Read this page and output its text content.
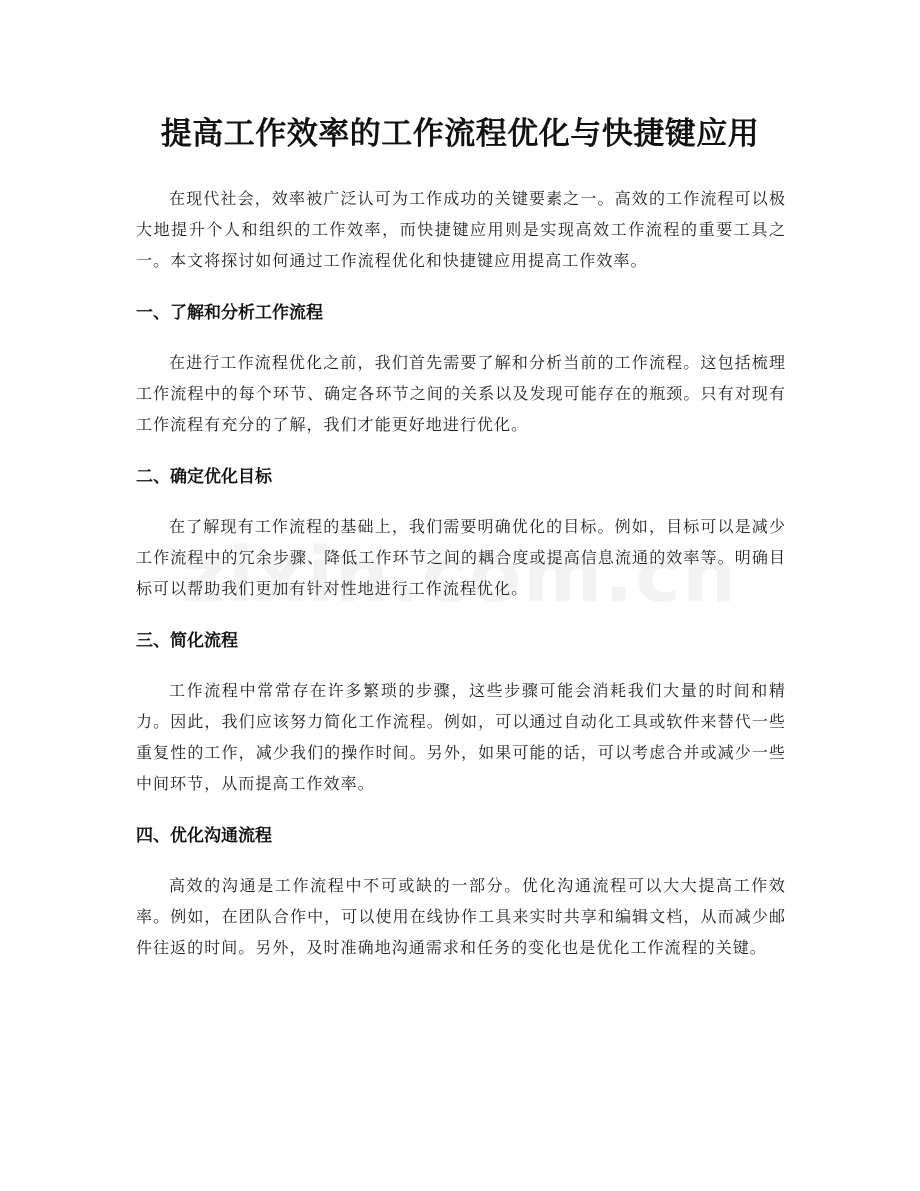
提高工作效率的工作流程优化与快捷键应用

在现代社会，效率被广泛认可为工作成功的关键要素之一。高效的工作流程可以极大地提升个人和组织的工作效率，而快捷键应用则是实现高效工作流程的重要工具之一。本文将探讨如何通过工作流程优化和快捷键应用提高工作效率。

一、了解和分析工作流程

在进行工作流程优化之前，我们首先需要了解和分析当前的工作流程。这包括梳理工作流程中的每个环节、确定各环节之间的关系以及发现可能存在的瓶颈。只有对现有工作流程有充分的了解，我们才能更好地进行优化。

二、确定优化目标

在了解现有工作流程的基础上，我们需要明确优化的目标。例如，目标可以是减少工作流程中的冗余步骤、降低工作环节之间的耦合度或提高信息流通的效率等。明确目标可以帮助我们更加有针对性地进行工作流程优化。

三、简化流程

工作流程中常常存在许多繁琐的步骤，这些步骤可能会消耗我们大量的时间和精力。因此，我们应该努力简化工作流程。例如，可以通过自动化工具或软件来替代一些重复性的工作，减少我们的操作时间。另外，如果可能的话，可以考虑合并或减少一些中间环节，从而提高工作效率。

四、优化沟通流程

高效的沟通是工作流程中不可或缺的一部分。优化沟通流程可以大大提高工作效率。例如，在团队合作中，可以使用在线协作工具来实时共享和编辑文档，从而减少邮件往返的时间。另外，及时准确地沟通需求和任务的变化也是优化工作流程的关键。
